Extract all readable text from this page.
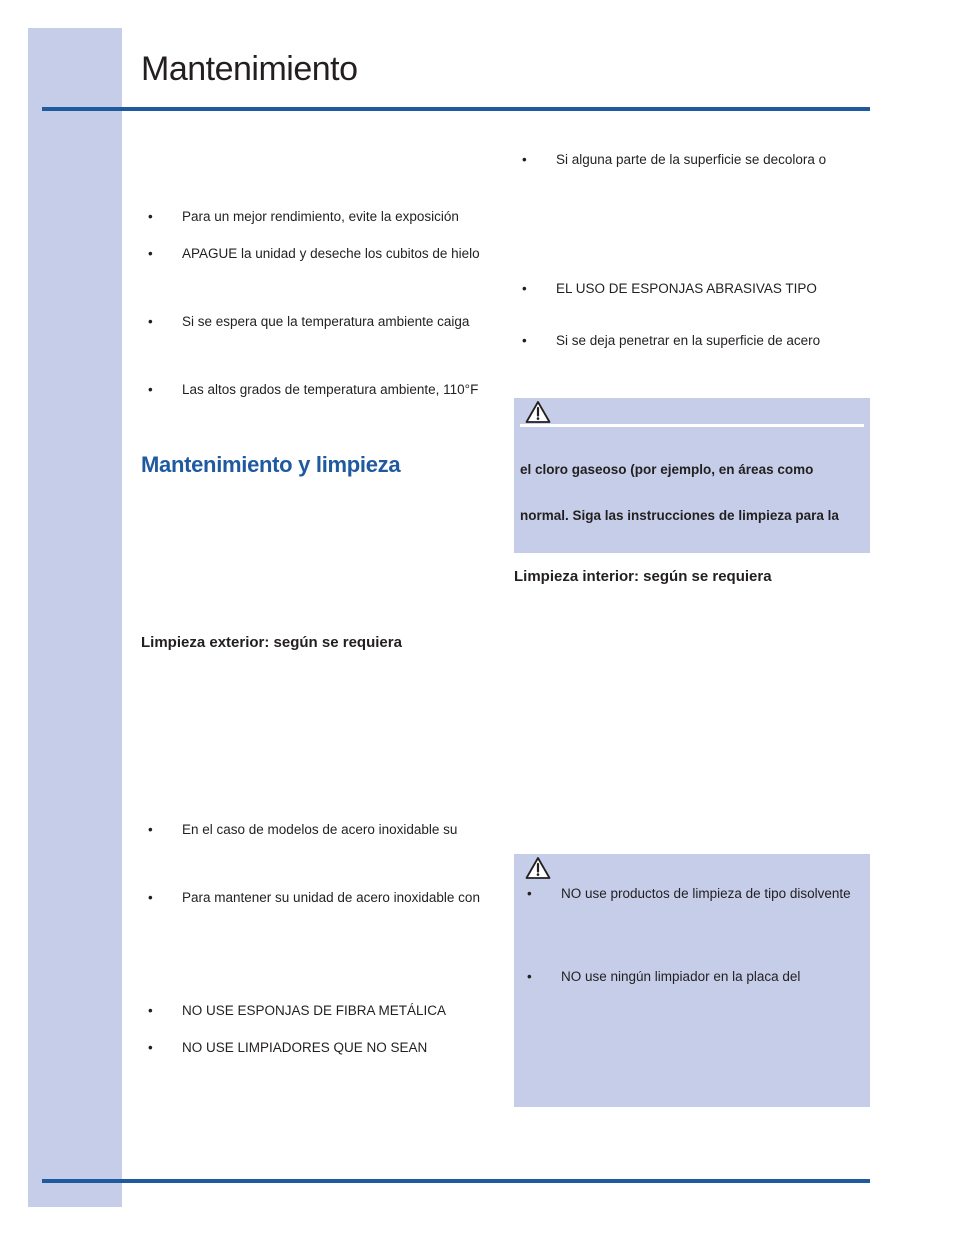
Mantenimiento
• Para un mejor rendimiento, evite la exposición
• APAGUE la unidad y deseche los cubitos de hielo
• Si se espera que la temperatura ambiente caiga
• Las altos grados de temperatura ambiente, 110°F
Mantenimiento y limpieza
Limpieza exterior: según se requiera
• En el caso de modelos de acero inoxidable su
• Para mantener su unidad de acero inoxidable con
• NO USE ESPONJAS DE FIBRA METÁLICA
• NO USE LIMPIADORES QUE NO SEAN
• Si alguna parte de la superficie se decolora o
• EL USO DE ESPONJAS ABRASIVAS TIPO
• Si se deja penetrar en la superficie de acero
el cloro gaseoso (por ejemplo, en áreas como
normal. Siga las instrucciones de limpieza para la
Limpieza interior: según se requiera
• NO use productos de limpieza de tipo disolvente
• NO use ningún limpiador en la placa del
